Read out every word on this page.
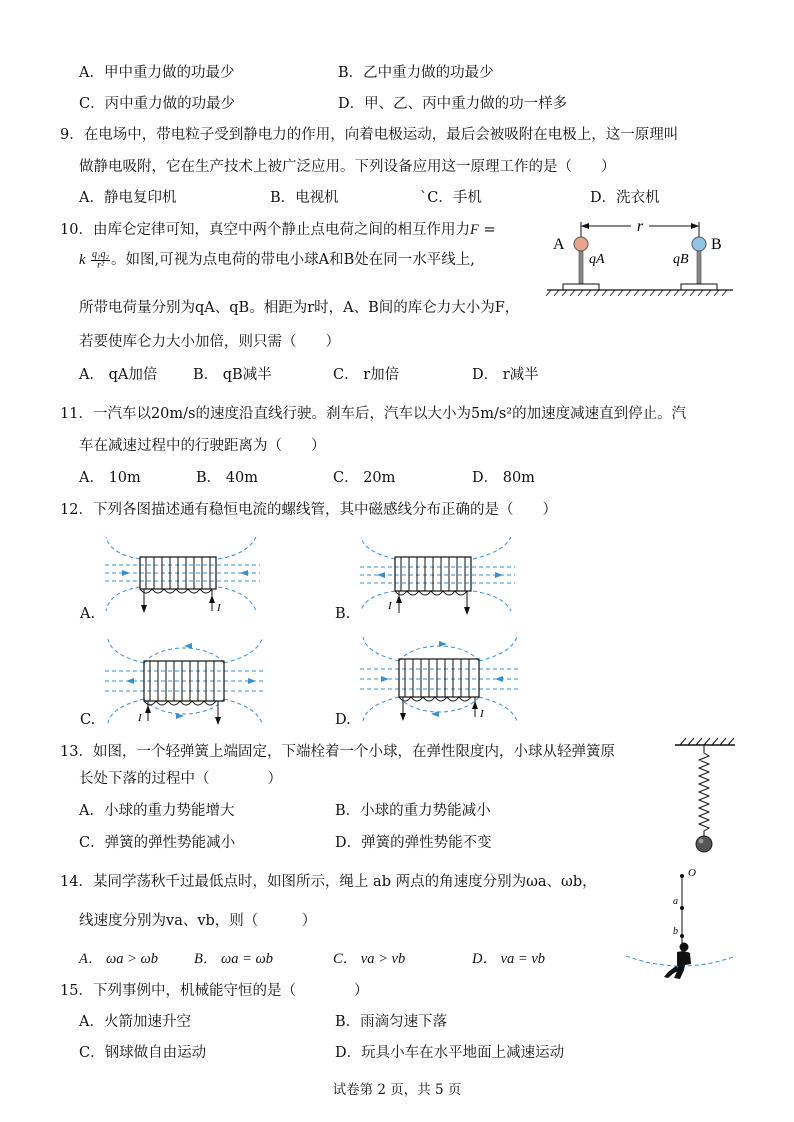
A．甲中重力做的功最少	B．乙中重力做的功最少
C．丙中重力做的功最少	D．甲、乙、丙中重力做的功一样多
9．在电场中，带电粒子受到静电力的作用，向着电极运动，最后会被吸附在电极上，这一原理叫
做静电吸附，它在生产技术上被广泛应用。下列设备应用这一原理工作的是（　　）
A．静电复印机	B．电视机	`C．手机	D．洗衣机
10．由库仑定律可知，真空中两个静止点电荷之间的相互作用力F =
k $\frac{\text{q₁q₂}}{\text{r²}}$ 。如图,可视为点电荷的带电小球A和B处在同一水平线上,
所带电荷量分别为qA、qB。相距为r时，A、B间的库仑力大小为F，
若要使库仑力大小加倍，则只需（　　）
A． qA加倍 B． qB减半	C． r加倍	D． r减半
r
A	B
qA	qB
11．一汽车以20m/s的速度沿直线行驶。刹车后，汽车以大小为5m/s²的加速度减速直到停止。汽
车在减速过程中的行驶距离为（　　）
A． 10m	B． 40m	C． 20m	D． 80m
12．下列各图描述通有稳恒电流的螺线管，其中磁感线分布正确的是（　　）
A.	B.
C.	D.
I	I
I	I
13．如图，一个轻弹簧上端固定，下端栓着一个小球，在弹性限度内，小球从轻弹簧原
长处下落的过程中（　　　　）
A．小球的重力势能增大	B．小球的重力势能减小
C．弹簧的弹性势能减小	D．弹簧的弹性势能不变
14．某同学荡秋千过最低点时，如图所示，绳上 ab 两点的角速度分别为ωa、ωb，
线速度分别为va、vb，则（　　　）
A． ωa > ωb B． ωa = ωb	C． va > vb	D． va = vb
O
a
b
15．下列事例中，机械能守恒的是（　　　　）
A．火箭加速升空	B．雨滴匀速下落
C．钢球做自由运动	D．玩具小车在水平地面上减速运动
试卷第 2 页，共 5 页
